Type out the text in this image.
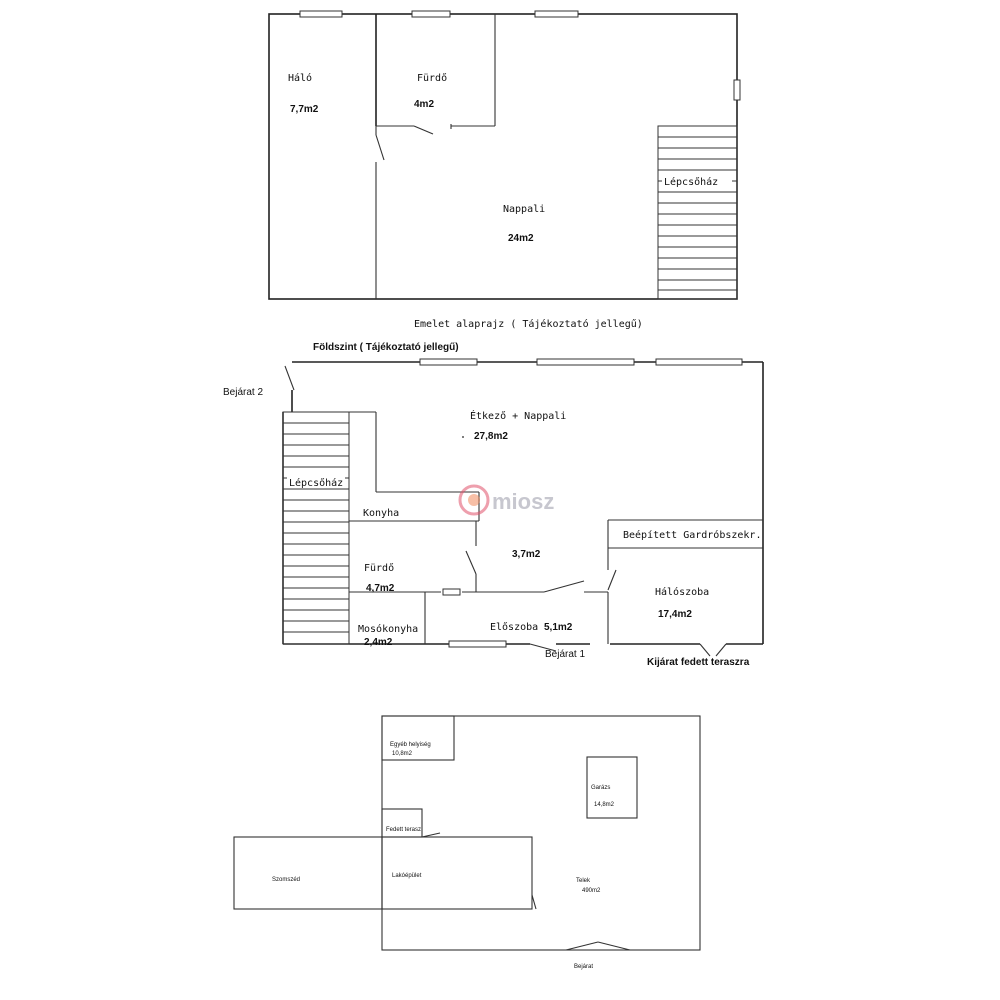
Háló
7,7m2
Fürdő
4m2
Nappali
24m2
Lépcsőház
Emelet alaprajz ( Tájékoztató jellegű)
Földszint ( Tájékoztató jellegű)
Bejárat 2
Étkező + Nappali
27,8m2
Lépcsőház
Konyha
3,7m2
Beépített Gardróbszekr.
Fürdő
4,7m2	Hálószoba
17,4m2
Mosókonyha
2,4m2
Előszoba 5,1m2
Bejárat 1
Kijárat fedett teraszra
miosz
Egyéb helyiség
10,8m2
Garázs
14,8m2
Fedett terasz
Szomszéd
Lakóépület
Telek
490m2
Bejárat
